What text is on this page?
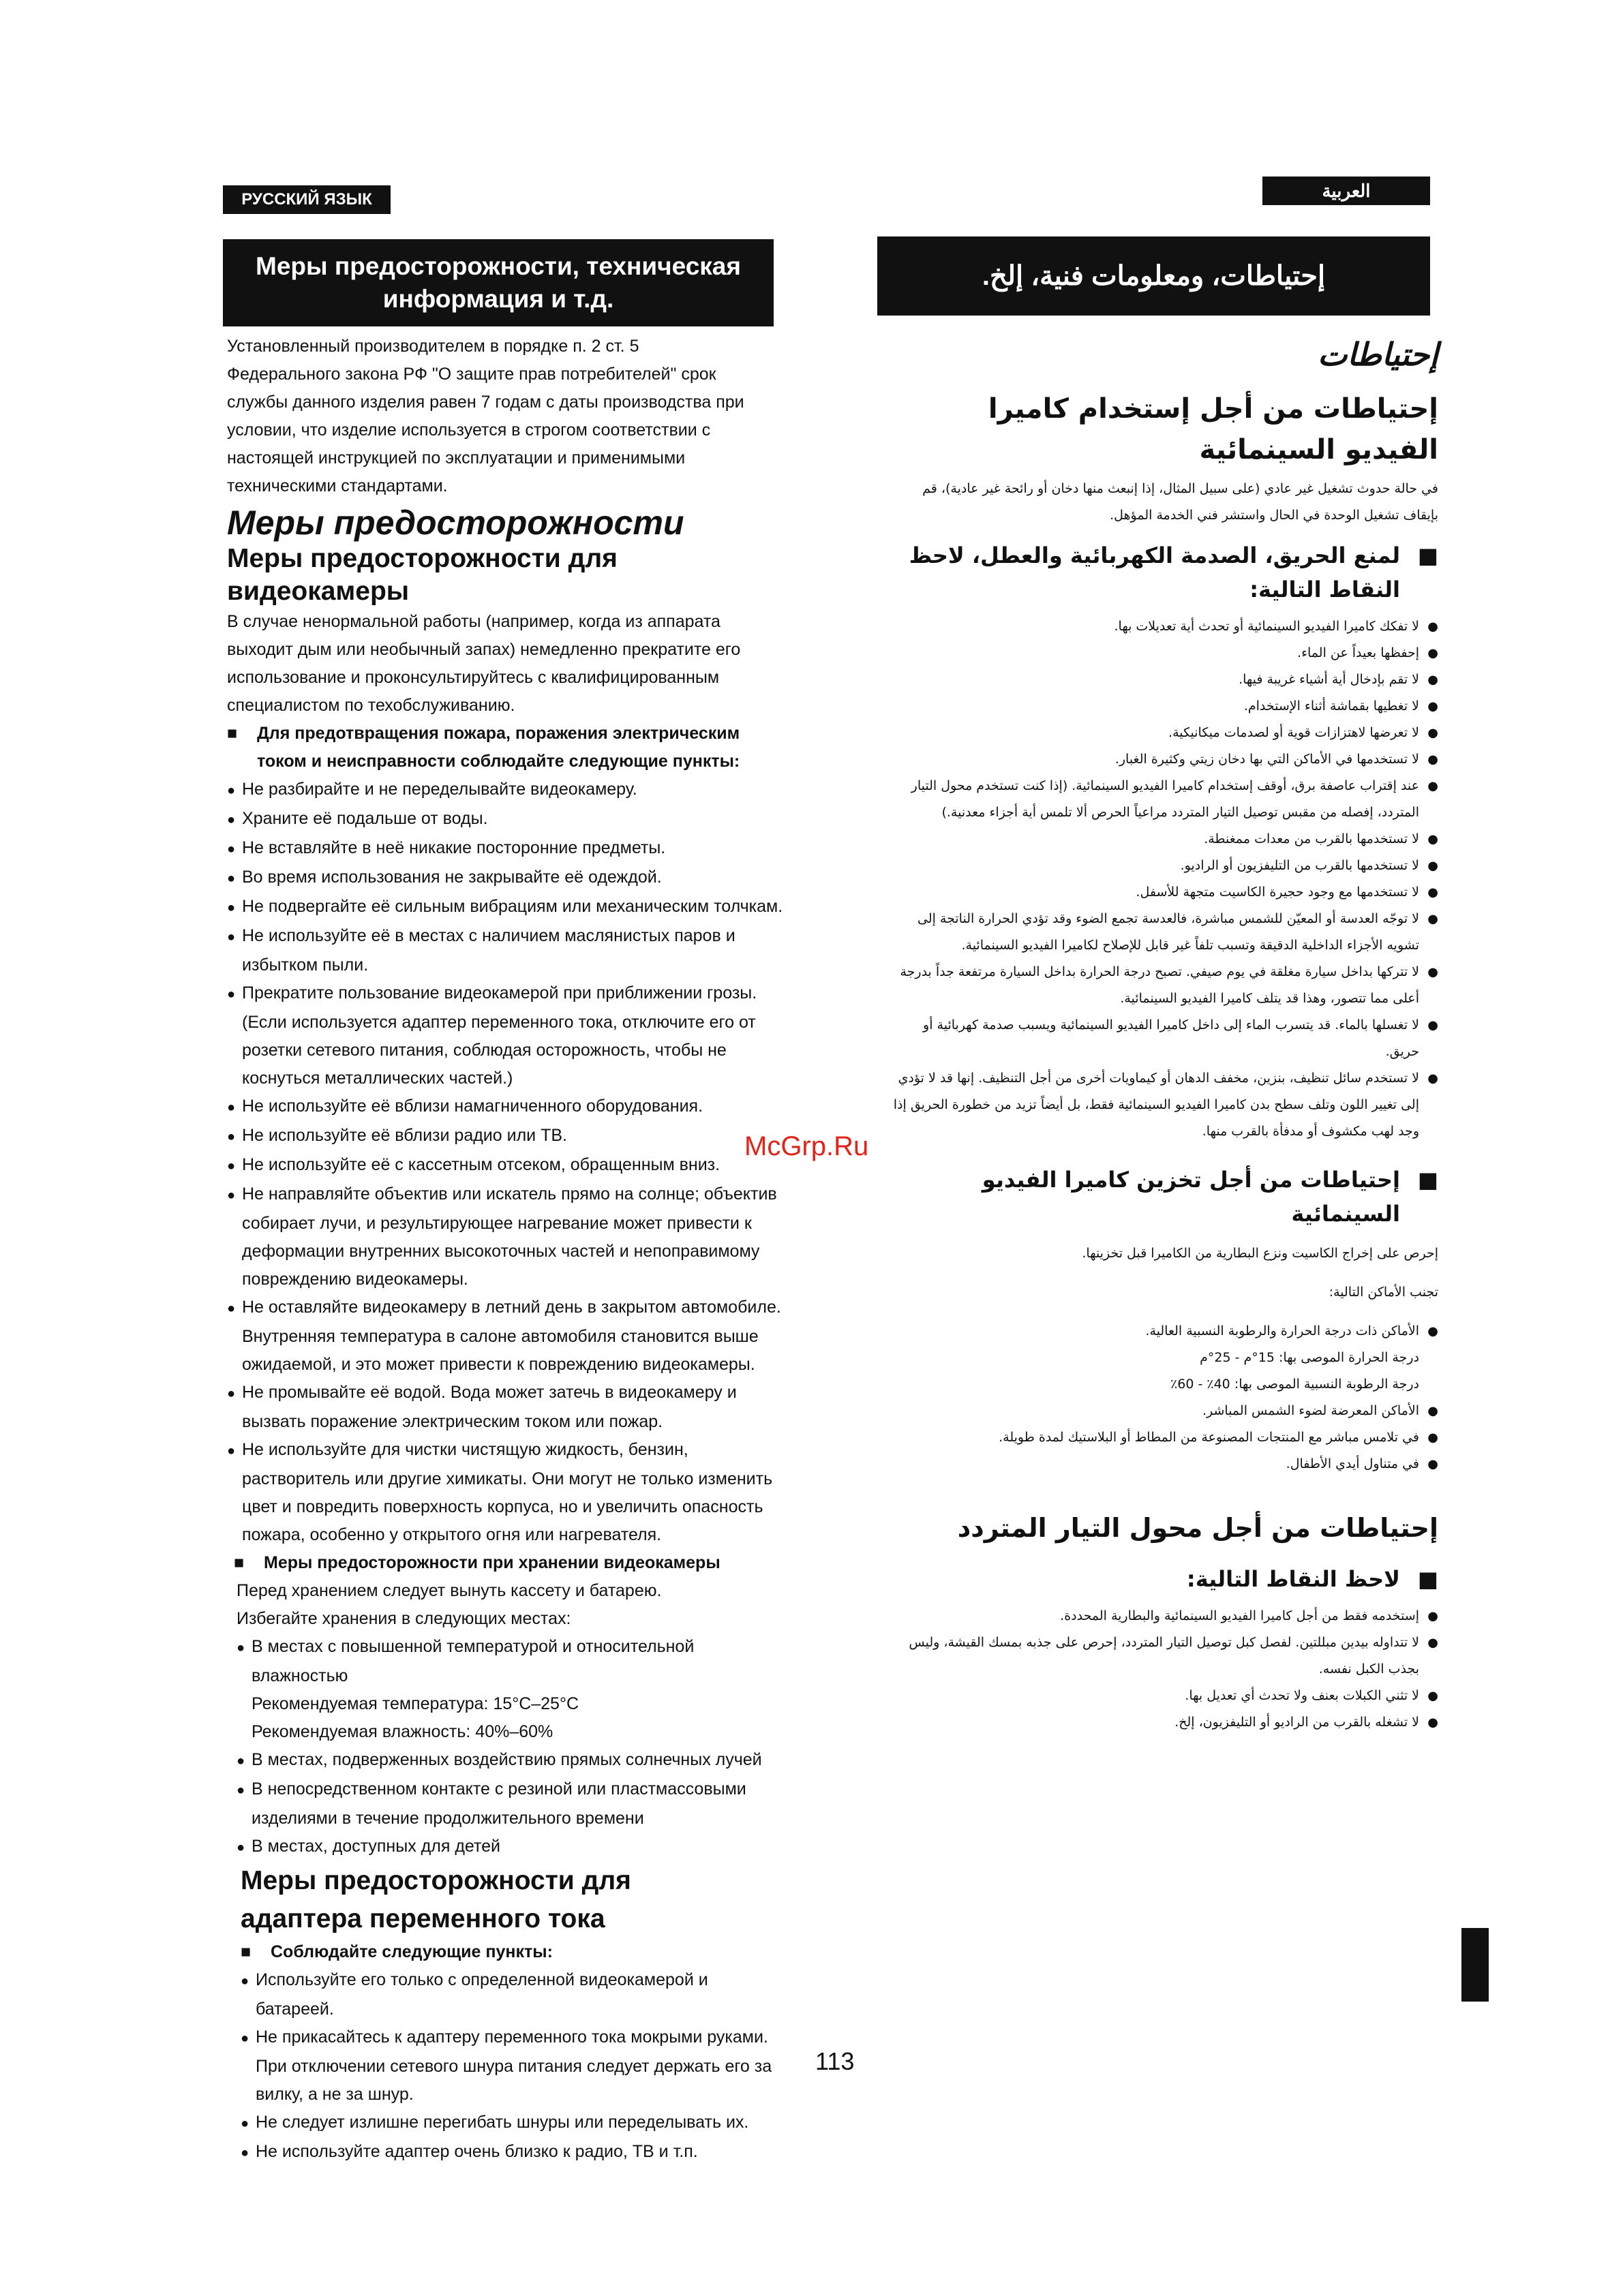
РУССКИЙ ЯЗЫК
Меры предосторожности, техническая информация и т.д.

Установленный производителем в порядке п. 2 ст. 5 Федерального закона РФ "О защите прав потребителей" срок службы данного изделия равен 7 годам с даты производства при условии, что изделие используется в строгом соответствии с настоящей инструкцией по эксплуатации и применимыми техническими стандартами.

Меры предосторожности

Меры предосторожности для видеокамеры

В случае ненормальной работы (например, когда из аппарата выходит дым или необычный запах) немедленно прекратите его использование и проконсультируйтесь с квалифицированным специалистом по техобслуживанию.

■ Для предотвращения пожара, поражения электрическим током и неисправности соблюдайте следующие пункты:

● Не разбирайте и не переделывайте видеокамеру.

● Храните её подальше от воды.

● Не вставляйте в неё никакие посторонние предметы.

● Во время использования не закрывайте её одеждой.

● Не подвергайте её сильным вибрациям или механическим толчкам.

● Не используйте её в местах с наличием маслянистых паров и избытком пыли.

● Прекратите пользование видеокамерой при приближении грозы.

(Если используется адаптер переменного тока, отключите его от розетки сетевого питания, соблюдая осторожность, чтобы не коснуться металлических частей.)

● Не используйте её вблизи намагниченного оборудования.

● Не используйте её вблизи радио или ТВ.

● Не используйте её с кассетным отсеком, обращенным вниз.

● Не направляйте объектив или искатель прямо на солнце; объектив собирает лучи, и результирующее нагревание может привести к деформации внутренних высокоточных частей и непоправимому повреждению видеокамеры.

● Не оставляйте видеокамеру в летний день в закрытом автомобиле.

Внутренняя температура в салоне автомобиля становится выше ожидаемой, и это может привести к повреждению видеокамеры.

● Не промывайте её водой. Вода может затечь в видеокамеру и вызвать поражение электрическим током или пожар.

● Не используйте для чистки чистящую жидкость, бензин, растворитель или другие химикаты. Они могут не только изменить цвет и повредить поверхность корпуса, но и увеличить опасность пожара, особенно у открытого огня или нагревателя.

■ Меры предосторожности при хранении видеокамеры

Перед хранением следует вынуть кассету и батарею.

Избегайте хранения в следующих местах:

● В местах с повышенной температурой и относительной влажностью

Рекомендуемая температура: 15°C–25°C

Рекомендуемая влажность: 40%–60%

● В местах, подверженных воздействию прямых солнечных лучей

● В непосредственном контакте с резиной или пластмассовыми изделиями в течение продолжительного времени

● В местах, доступных для детей

Меры предосторожности для адаптера переменного тока

■ Соблюдайте следующие пункты:

● Используйте его только с определенной видеокамерой и батареей.

● Не прикасайтесь к адаптеру переменного тока мокрыми руками.

При отключении сетевого шнура питания следует держать его за вилку, а не за шнур.

● Не следует излишне перегибать шнуры или переделывать их.

● Не используйте адаптер очень близко к радио, ТВ и т.п.

العربية
إحتياطات، ومعلومات فنية، إلخ.

إحتياطات

إحتياطات من أجل إستخدام كاميرا الفيديو السينمائية

في حالة حدوث تشغيل غير عادي (على سبيل المثال، إذا إنبعث منها دخان أو رائحة غير عادية)، قم بإيقاف تشغيل الوحدة في الحال واستشر فني الخدمة المؤهل.

■ لمنع الحريق، الصدمة الكهربائية والعطل، لاحظ النقاط التالية:

● لا تفكك كاميرا الفيديو السينمائية أو تحدث أية تعديلات بها.

● إحفظها بعيداً عن الماء.

● لا تقم بإدخال أية أشياء غريبة فيها.

● لا تغطيها بقماشة أثناء الإستخدام.

● لا تعرضها لاهتزازات قوية أو لصدمات ميكانيكية.

● لا تستخدمها في الأماكن التي بها دخان زيتي وكثيرة الغبار.

● عند إقتراب عاصفة برق، أوقف إستخدام كاميرا الفيديو السينمائية. (إذا كنت تستخدم محول التيار المتردد، إفصله من مقبس توصيل التيار المتردد مراعياً الحرص ألا تلمس أية أجزاء معدنية.)

● لا تستخدمها بالقرب من معدات ممغنطة.

● لا تستخدمها بالقرب من التليفزيون أو الراديو.

● لا تستخدمها مع وجود حجيرة الكاسيت متجهة للأسفل.

● لا توجّه العدسة أو المعيّن للشمس مباشرة، فالعدسة تجمع الضوء وقد تؤدي الحرارة الناتجة إلى تشويه الأجزاء الداخلية الدقيقة وتسبب تلفاً غير قابل للإصلاح لكاميرا الفيديو السينمائية.

● لا تتركها بداخل سيارة مغلقة في يوم صيفي. تصبح درجة الحرارة بداخل السيارة مرتفعة جداً بدرجة أعلى مما تتصور، وهذا قد يتلف كاميرا الفيديو السينمائية.

● لا تغسلها بالماء. قد يتسرب الماء إلى داخل كاميرا الفيديو السينمائية ويسبب صدمة كهربائية أو حريق.

● لا تستخدم سائل تنظيف، بنزين، مخفف الدهان أو كيماويات أخرى من أجل التنظيف. إنها قد لا تؤدي إلى تغيير اللون وتلف سطح بدن كاميرا الفيديو السينمائية فقط، بل أيضاً تزيد من خطورة الحريق إذا وجد لهب مكشوف أو مدفأة بالقرب منها.

■ إحتياطات من أجل تخزين كاميرا الفيديو السينمائية

إحرص على إخراج الكاسيت ونزع البطارية من الكاميرا قبل تخزينها.

تجنب الأماكن التالية:

● الأماكن ذات درجة الحرارة والرطوبة النسبية العالية.

درجة الحرارة الموصى بها: 15°م - 25°م

درجة الرطوبة النسبية الموصى بها: 40٪ - 60٪

● الأماكن المعرضة لضوء الشمس المباشر.

● في تلامس مباشر مع المنتجات المصنوعة من المطاط أو البلاستيك لمدة طويلة.

● في متناول أيدي الأطفال.

إحتياطات من أجل محول التيار المتردد

■ لاحظ النقاط التالية:

● إستخدمه فقط من أجل كاميرا الفيديو السينمائية والبطارية المحددة.

● لا تتداوله بيدين مبللتين. لفصل كبل توصيل التيار المتردد، إحرص على جذبه بمسك القيشة، وليس بجذب الكبل نفسه.

● لا تثني الكبلات بعنف ولا تحدث أي تعديل بها.

● لا تشغله بالقرب من الراديو أو التليفزيون، إلخ.

McGrp.Ru
113
